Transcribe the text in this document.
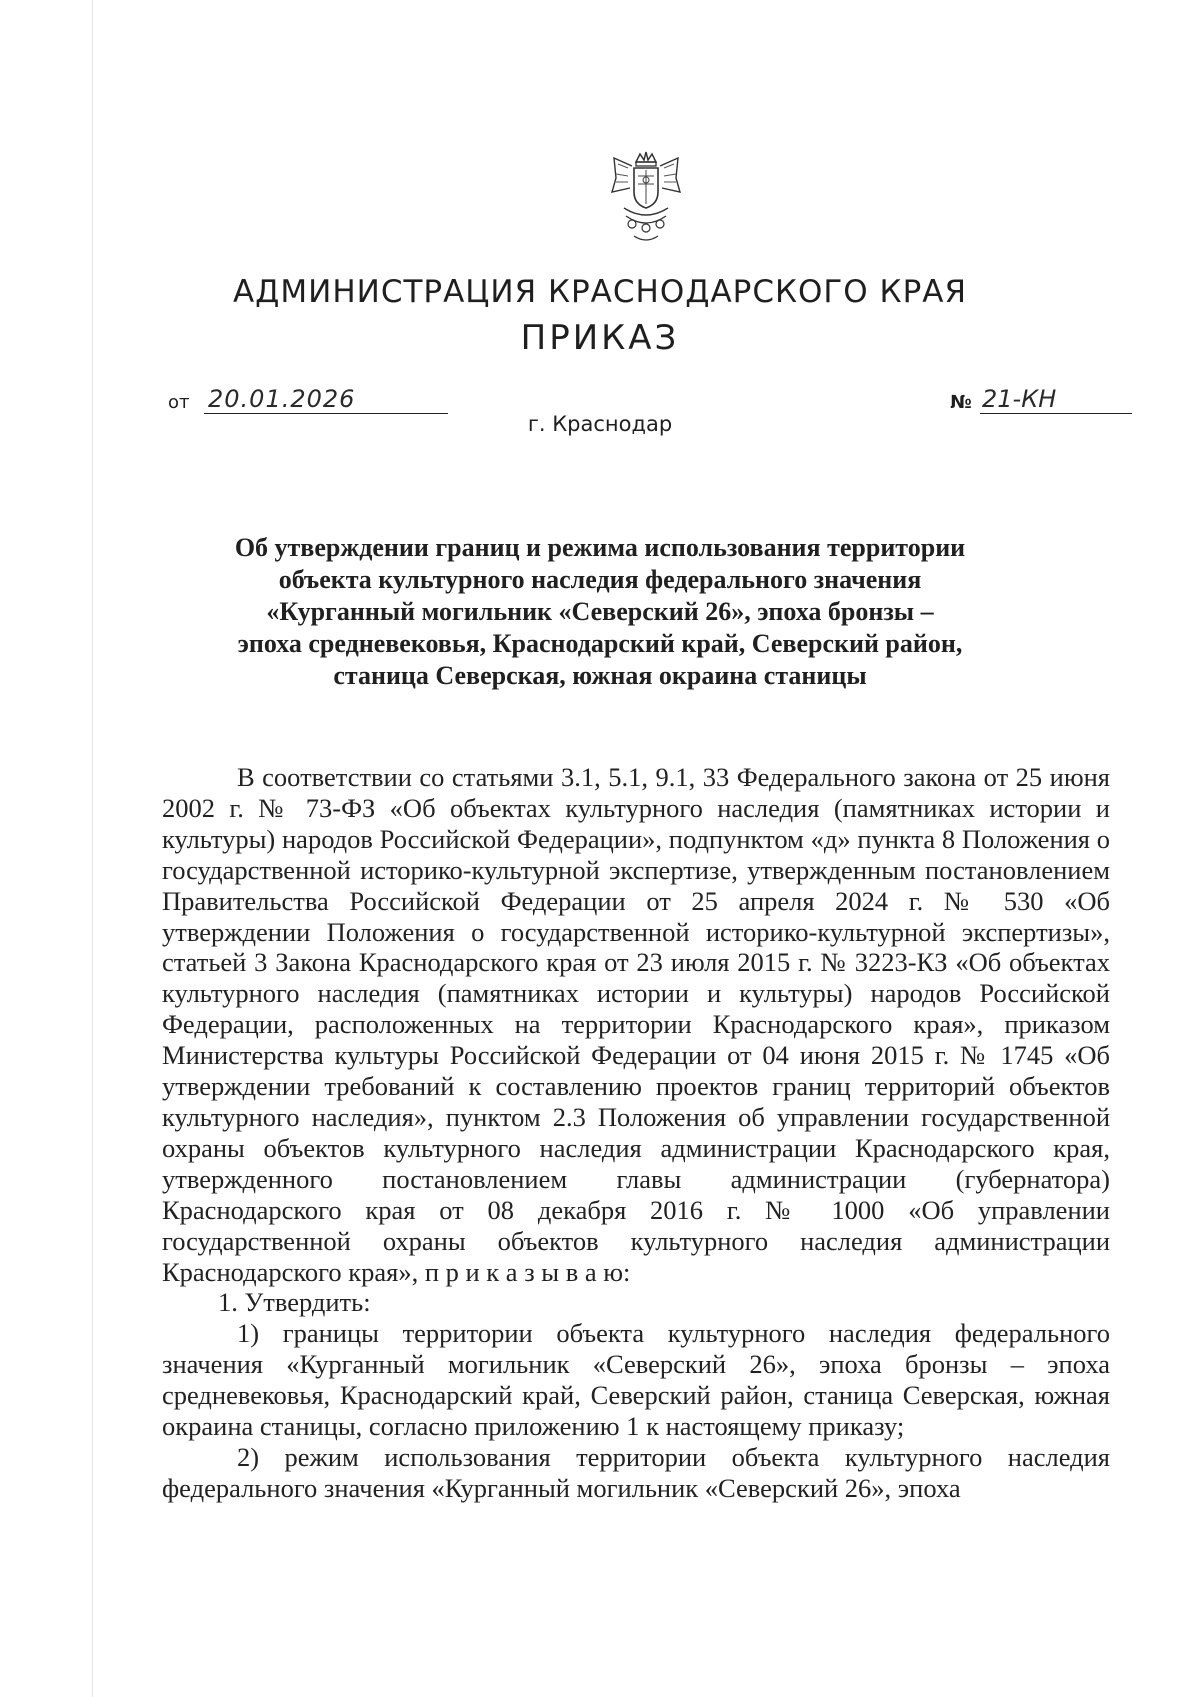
АДМИНИСТРАЦИЯ КРАСНОДАРСКОГО КРАЯ
ПРИКАЗ
от 20.01.2026	№ 21-КН
г. Краснодар
Об утверждении границ и режима использования территории
объекта культурного наследия федерального значения
«Курганный могильник «Северский 26», эпоха бронзы –
эпоха средневековья, Краснодарский край, Северский район,
станица Северская, южная окраина станицы

В соответствии со статьями 3.1, 5.1, 9.1, 33 Федерального закона от 25 июня 2002 г. № 73-ФЗ «Об объектах культурного наследия (памятниках истории и культуры) народов Российской Федерации», подпунктом «д» пункта 8 Положения о государственной историко-культурной экспертизе, утвержденным постановлением Правительства Российской Федерации от 25 апреля 2024 г. № 530 «Об утверждении Положения о государственной историко-культурной экспертизы», статьей 3 Закона Краснодарского края от 23 июля 2015 г. № 3223-КЗ «Об объектах культурного наследия (памятниках истории и культуры) народов Российской Федерации, расположенных на территории Краснодарского края», приказом Министерства культуры Российской Федерации от 04 июня 2015 г. № 1745 «Об утверждении требований к составлению проектов границ территорий объектов культурного наследия», пунктом 2.3 Положения об управлении государственной охраны объектов культурного наследия администрации Краснодарского края, утвержденного постановлением главы администрации (губернатора) Краснодарского края от 08 декабря 2016 г. № 1000 «Об управлении государственной охраны объектов культурного наследия администрации Краснодарского края», п р и к а з ы в а ю:

1. Утвердить:

1) границы территории объекта культурного наследия федерального значения «Курганный могильник «Северский 26», эпоха бронзы – эпоха средневековья, Краснодарский край, Северский район, станица Северская, южная окраина станицы, согласно приложению 1 к настоящему приказу;

2) режим использования территории объекта культурного наследия федерального значения «Курганный могильник «Северский 26», эпоха
